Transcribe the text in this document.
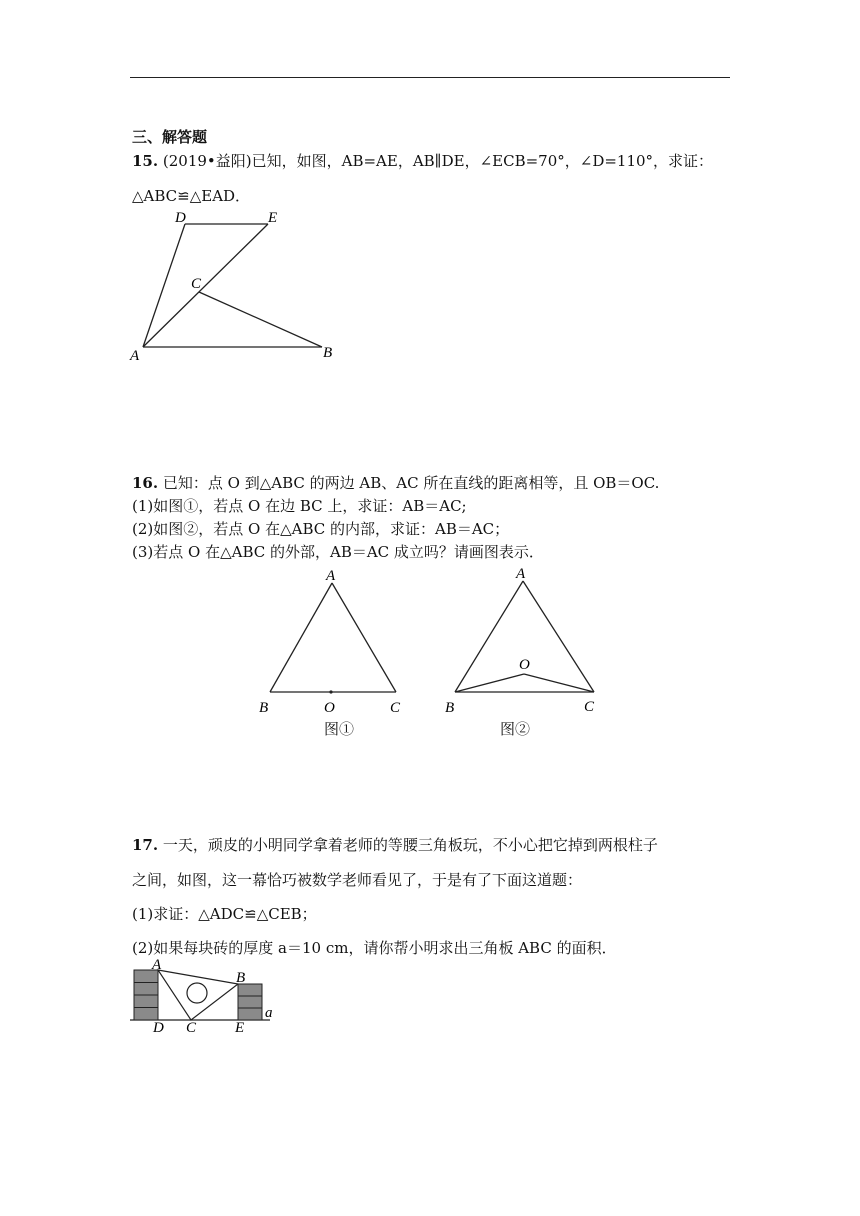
三、解答题
15. (2019•益阳)已知，如图，AB=AE，AB∥DE，∠ECB=70°，∠D=110°，求证：
△ABC≌△EAD．
D	E
C
A	B
16. 已知：点 O 到△ABC 的两边 AB、AC 所在直线的距离相等，且 OB＝OC.
(1)如图①，若点 O 在边 BC 上，求证：AB＝AC;
(2)如图②，若点 O 在△ABC 的内部，求证：AB＝AC；
(3)若点 O 在△ABC 的外部，AB＝AC 成立吗？请画图表示．
A
B	O	C
图①
A
O
B	C
图②
17. 一天，顽皮的小明同学拿着老师的等腰三角板玩，不小心把它掉到两根柱子
之间，如图，这一幕恰巧被数学老师看见了，于是有了下面这道题：
(1)求证：△ADC≌△CEB；
(2)如果每块砖的厚度 a＝10 cm，请你帮小明求出三角板 ABC 的面积．
A
B
D C	E
a
